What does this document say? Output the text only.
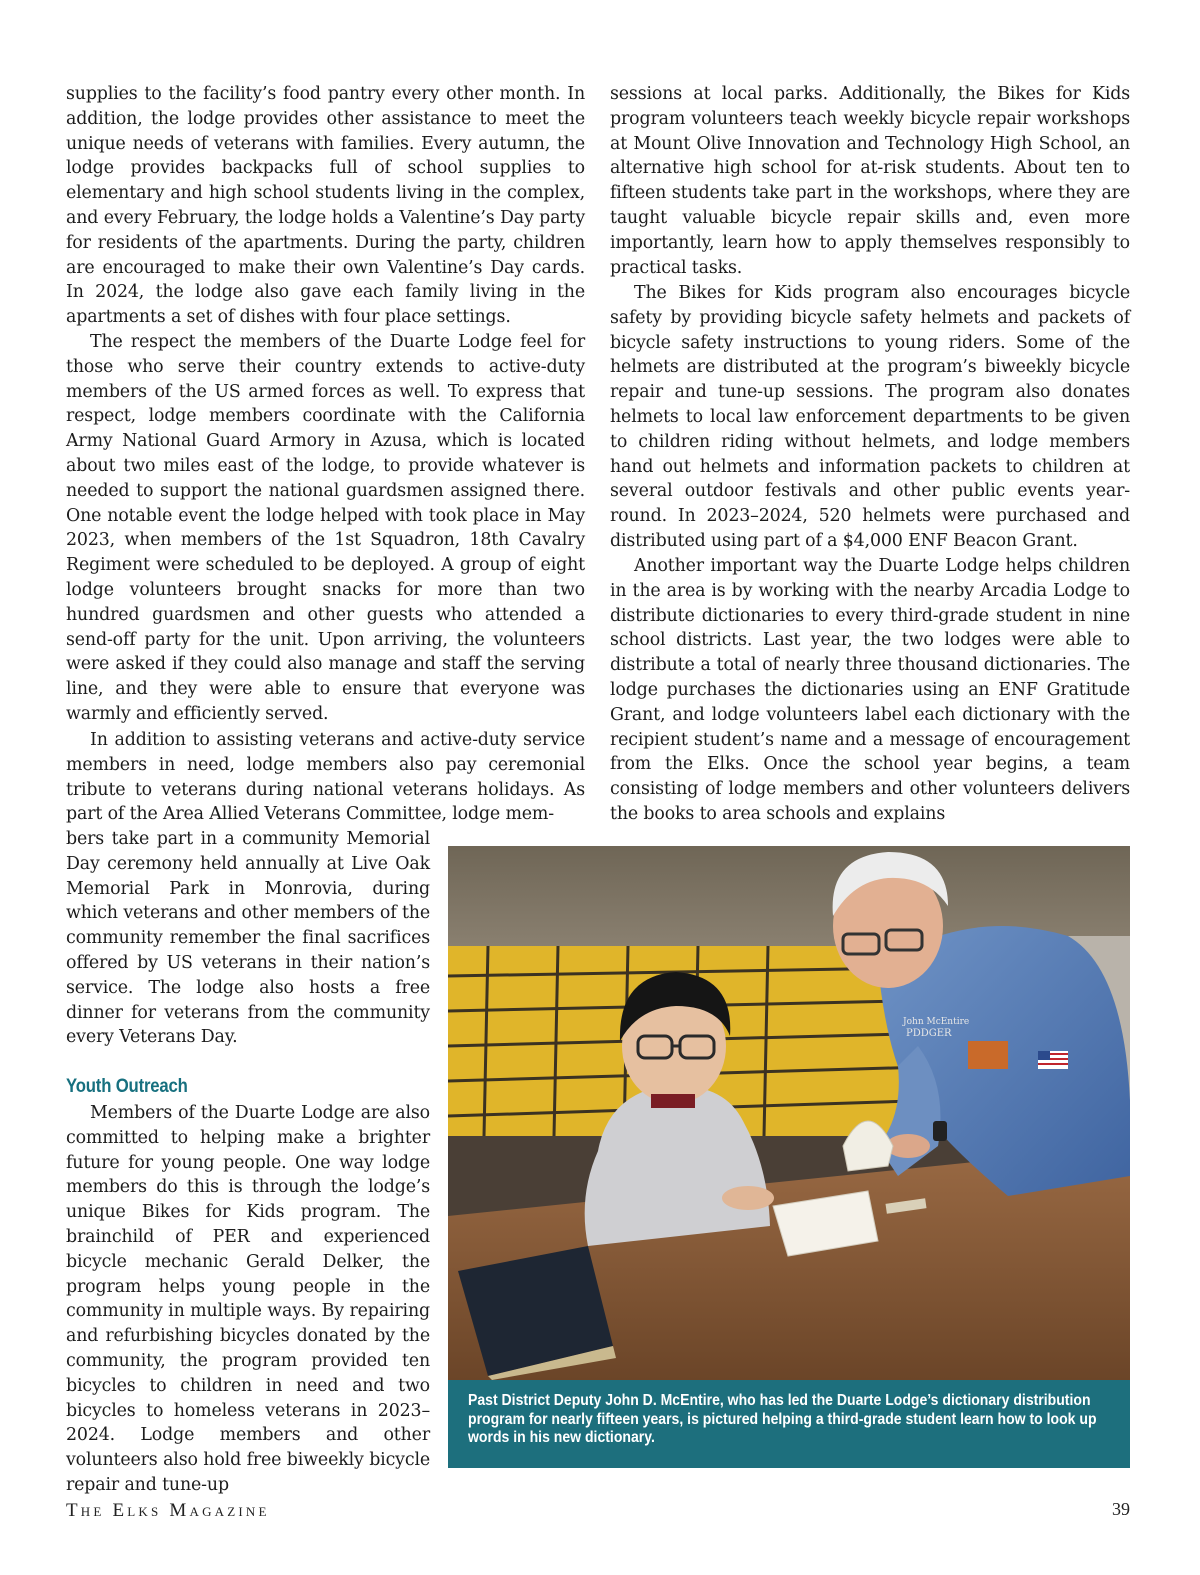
supplies to the facility’s food pantry every other month. In addition, the lodge provides other assistance to meet the unique needs of veterans with families. Every autumn, the lodge provides backpacks full of school supplies to elementary and high school students living in the complex, and every February, the lodge holds a Valentine’s Day party for residents of the apartments. During the party, children are encouraged to make their own Valentine’s Day cards. In 2024, the lodge also gave each family living in the apartments a set of dishes with four place settings.

The respect the members of the Duarte Lodge feel for those who serve their country extends to active-duty members of the US armed forces as well. To express that respect, lodge members coordinate with the California Army National Guard Armory in Azusa, which is located about two miles east of the lodge, to provide whatever is needed to support the national guardsmen assigned there. One notable event the lodge helped with took place in May 2023, when members of the 1st Squadron, 18th Cavalry Regiment were scheduled to be deployed. A group of eight lodge volunteers brought snacks for more than two hundred guardsmen and other guests who attended a send-off party for the unit. Upon arriving, the volunteers were asked if they could also manage and staff the serving line, and they were able to ensure that everyone was warmly and efficiently served.

In addition to assisting veterans and active-duty service members in need, lodge members also pay ceremonial tribute to veterans during national veterans holidays. As part of the Area Allied Veterans Committee, lodge mem-

bers take part in a community Memorial Day ceremony held annually at Live Oak Memorial Park in Monrovia, during which veterans and other members of the community remember the final sacrifices offered by US veterans in their nation’s service. The lodge also hosts a free dinner for veterans from the community every Veterans Day.

Youth Outreach

Members of the Duarte Lodge are also committed to helping make a brighter future for young people. One way lodge members do this is through the lodge’s unique Bikes for Kids program. The brainchild of PER and experienced bicycle mechanic Gerald Delker, the program helps young people in the community in multiple ways. By repairing and refurbishing bicycles donated by the community, the program provided ten bicycles to children in need and two bicycles to homeless veterans in 2023–2024. Lodge members and other volunteers also hold free biweekly bicycle repair and tune-up

sessions at local parks. Additionally, the Bikes for Kids program volunteers teach weekly bicycle repair workshops at Mount Olive Innovation and Technology High School, an alternative high school for at-risk students. About ten to fifteen students take part in the workshops, where they are taught valuable bicycle repair skills and, even more importantly, learn how to apply themselves responsibly to practical tasks.

The Bikes for Kids program also encourages bicycle safety by providing bicycle safety helmets and packets of bicycle safety instructions to young riders. Some of the helmets are distributed at the program’s biweekly bicycle repair and tune-up sessions. The program also donates helmets to local law enforcement departments to be given to children riding without helmets, and lodge members hand out helmets and information packets to children at several outdoor festivals and other public events year-round. In 2023–2024, 520 helmets were purchased and distributed using part of a $4,000 ENF Beacon Grant.

Another important way the Duarte Lodge helps children in the area is by working with the nearby Arcadia Lodge to distribute dictionaries to every third-grade student in nine school districts. Last year, the two lodges were able to distribute a total of nearly three thousand dictionaries. The lodge purchases the dictionaries using an ENF Gratitude Grant, and lodge volunteers label each dictionary with the recipient student’s name and a message of encouragement from the Elks. Once the school year begins, a team consisting of lodge members and other volunteers delivers the books to area schools and explains

John McEntire
PDDGER

Past District Deputy John D. McEntire, who has led the Duarte Lodge’s dictionary distribution program for nearly fifteen years, is pictured helping a third-grade student learn how to look up words in his new dictionary.

The Elks Magazine	39
